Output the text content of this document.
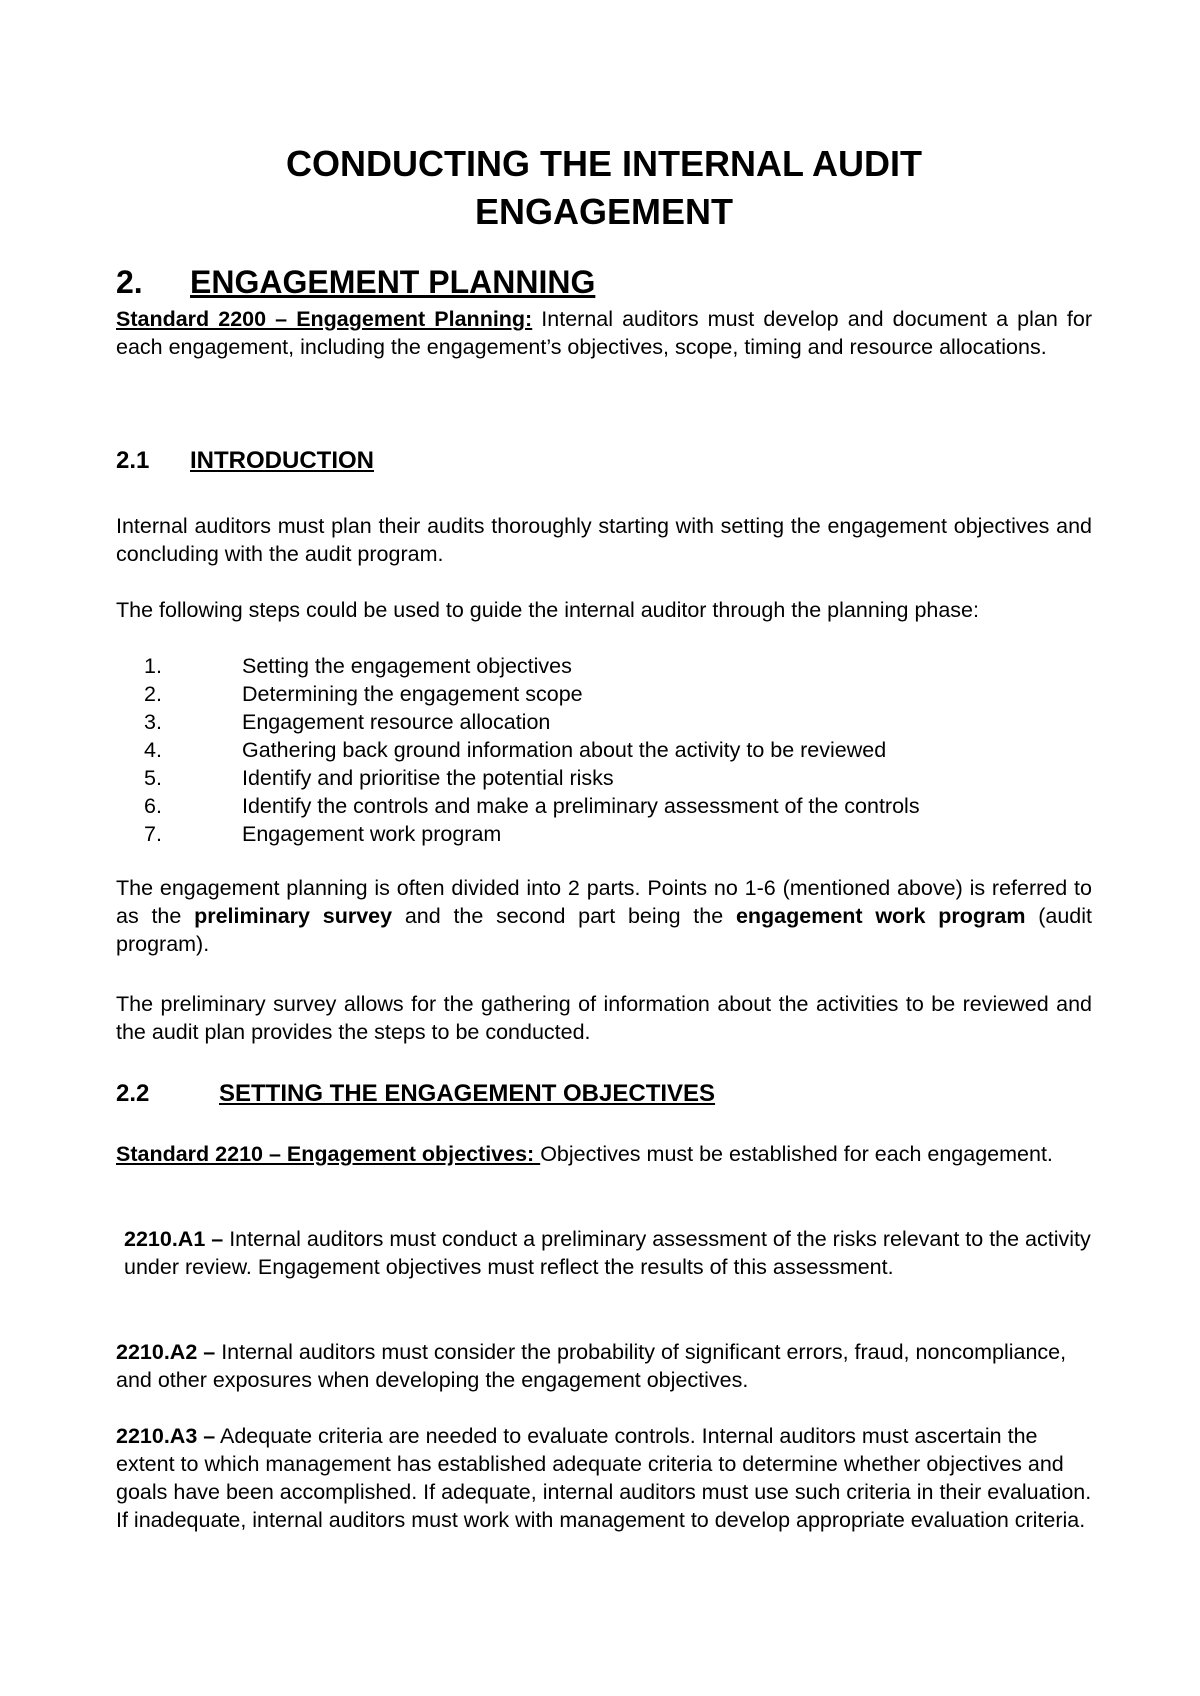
CONDUCTING THE INTERNAL AUDIT
ENGAGEMENT
2. ENGAGEMENT PLANNING

Standard 2200 – Engagement Planning: Internal auditors must develop and document a plan for each engagement, including the engagement’s objectives, scope, timing and resource allocations.

2.1 INTRODUCTION

Internal auditors must plan their audits thoroughly starting with setting the engagement objectives and concluding with the audit program.

The following steps could be used to guide the internal auditor through the planning phase:

1.	Setting the engagement objectives
2.	Determining the engagement scope
3.	Engagement resource allocation
4.	Gathering back ground information about the activity to be reviewed
5.	Identify and prioritise the potential risks
6.	Identify the controls and make a preliminary assessment of the controls
7.	Engagement work program

The engagement planning is often divided into 2 parts. Points no 1-6 (mentioned above) is referred to as the preliminary survey and the second part being the engagement work program (audit program).

The preliminary survey allows for the gathering of information about the activities to be reviewed and the audit plan provides the steps to be conducted.

2.2	SETTING THE ENGAGEMENT OBJECTIVES

Standard 2210 – Engagement objectives: Objectives must be established for each engagement.

2210.A1 – Internal auditors must conduct a preliminary assessment of the risks relevant to the activity under review. Engagement objectives must reflect the results of this assessment.

2210.A2 – Internal auditors must consider the probability of significant errors, fraud, noncompliance, and other exposures when developing the engagement objectives.

2210.A3 – Adequate criteria are needed to evaluate controls. Internal auditors must ascertain the extent to which management has established adequate criteria to determine whether objectives and goals have been accomplished. If adequate, internal auditors must use such criteria in their evaluation. If inadequate, internal auditors must work with management to develop appropriate evaluation criteria.
